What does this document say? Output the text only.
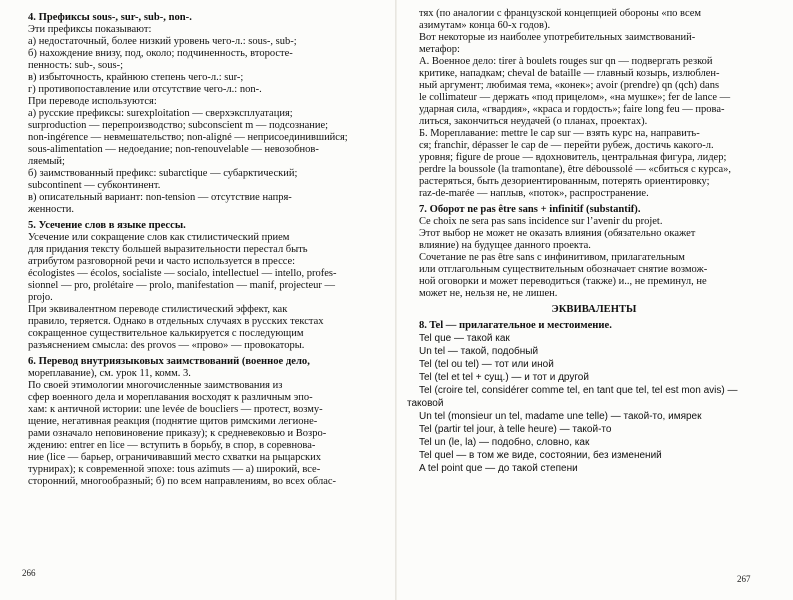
4. Префиксы sous-, sur-, sub-, non-.
Эти префиксы показывают:
а) недостаточный, более низкий уровень чего-л.: sous-, sub-;
б) нахождение внизу, под, около; подчиненность, второсте-
пенность: sub-, sous-;
в) избыточность, крайнюю степень чего-л.: sur-;
г) противопоставление или отсутствие чего-л.: non-.
При переводе используются:
а) русские префиксы: surexploitation — сверхэксплуатация;
surproduction — перепроизводство; subconscient m — подсознание;
non-ingérence — невмешательство; non-aligné — неприсоединившийся;
sous-alimentation — недоедание; non-renouvelable — невозобнов-
ляемый;
б) заимствованный префикс: subarctique — субарктический;
subcontinent — субконтинент.
в) описательный вариант: non-tension — отсутствие напря-
женности.
5. Усечение слов в языке прессы.
Усечение или сокращение слов как стилистический прием
для придания тексту большей выразительности перестал быть
атрибутом разговорной речи и часто используется в прессе:
écologistes — écolos, socialiste — socialo, intellectuel — intello, profes-
sionnel — pro, prolétaire — prolo, manifestation — manif, projecteur —
projo.
При эквивалентном переводе стилистический эффект, как
правило, теряется. Однако в отдельных случаях в русских текстах
сокращенное существительное калькируется с последующим
разъяснением смысла: des provos — «прово» — провокаторы.
6. Перевод внутриязыковых заимствований (военное дело,
мореплавание), см. урок 11, комм. 3.
По своей этимологии многочисленные заимствования из
сфер военного дела и мореплавания восходят к различным эпо-
хам: к античной истории: une levée de boucliers — протест, возму-
щение, негативная реакция (поднятие щитов римскими легионе-
рами означало неповиновение приказу); к средневековью и Возро-
ждению: entrer en lice — вступить в борьбу, в спор, в соревнова-
ние (lice — барьер, ограничивавший место схватки на рыцарских
турнирах); к современной эпохе: tous azimuts — а) широкий, все-
сторонний, многообразный; б) по всем направлениям, во всех облас-
266
тях (по аналогии с французской концепцией обороны «по всем
азимутам» конца 60-х годов).
Вот некоторые из наиболее употребительных заимствований-
метафор:
А. Военное дело: tirer à boulets rouges sur qn — подвергать резкой
критике, нападкам; cheval de bataille — главный козырь, излюблен-
ный аргумент; любимая тема, «конек»; avoir (prendre) qn (qch) dans
le collimateur — держать «под прицелом», «на мушке»; fer de lance —
ударная сила, «гвардия», «краса и гордость»; faire long feu — прова-
литься, закончиться неудачей (о планах, проектах).
Б. Мореплавание: mettre le cap sur — взять курс на, направить-
ся; franchir, dépasser le cap de — перейти рубеж, достичь какого-л.
уровня; figure de proue — вдохновитель, центральная фигура, лидер;
perdre la boussole (la tramontane), être déboussolé — «сбиться с курса»,
растеряться, быть дезориентированным, потерять ориентировку;
raz-de-marée — наплыв, «поток», распространение.
7. Оборот ne pas être sans + infinitif (substantif).
Ce choix ne sera pas sans incidence sur l’avenir du projet.
Этот выбор не может не оказать влияния (обязательно окажет
влияние) на будущее данного проекта.
Сочетание ne pas être sans с инфинитивом, прилагательным
или отглагольным существительным обозначает снятие возмож-
ной оговорки и может переводиться (также) и.., не преминул, не
может не, нельзя не, не лишен.
ЭКВИВАЛЕНТЫ
8. Tel — прилагательное и местоимение.
Tel que — такой как
Un tel — такой, подобный
Tel (tel ou tel) — тот или иной
Tel (tel et tel + сущ.) — и тот и другой
Tel (croire tel, considérer comme tel, en tant que tel, tel est mon avis) —
таковой
Un tel (monsieur un tel, madame une telle) — такой-то, имярек
Tel (partir tel jour, à telle heure) — такой-то
Tel un (le, la) — подобно, словно, как
Tel quel — в том же виде, состоянии, без изменений
A tel point que — до такой степени
267
